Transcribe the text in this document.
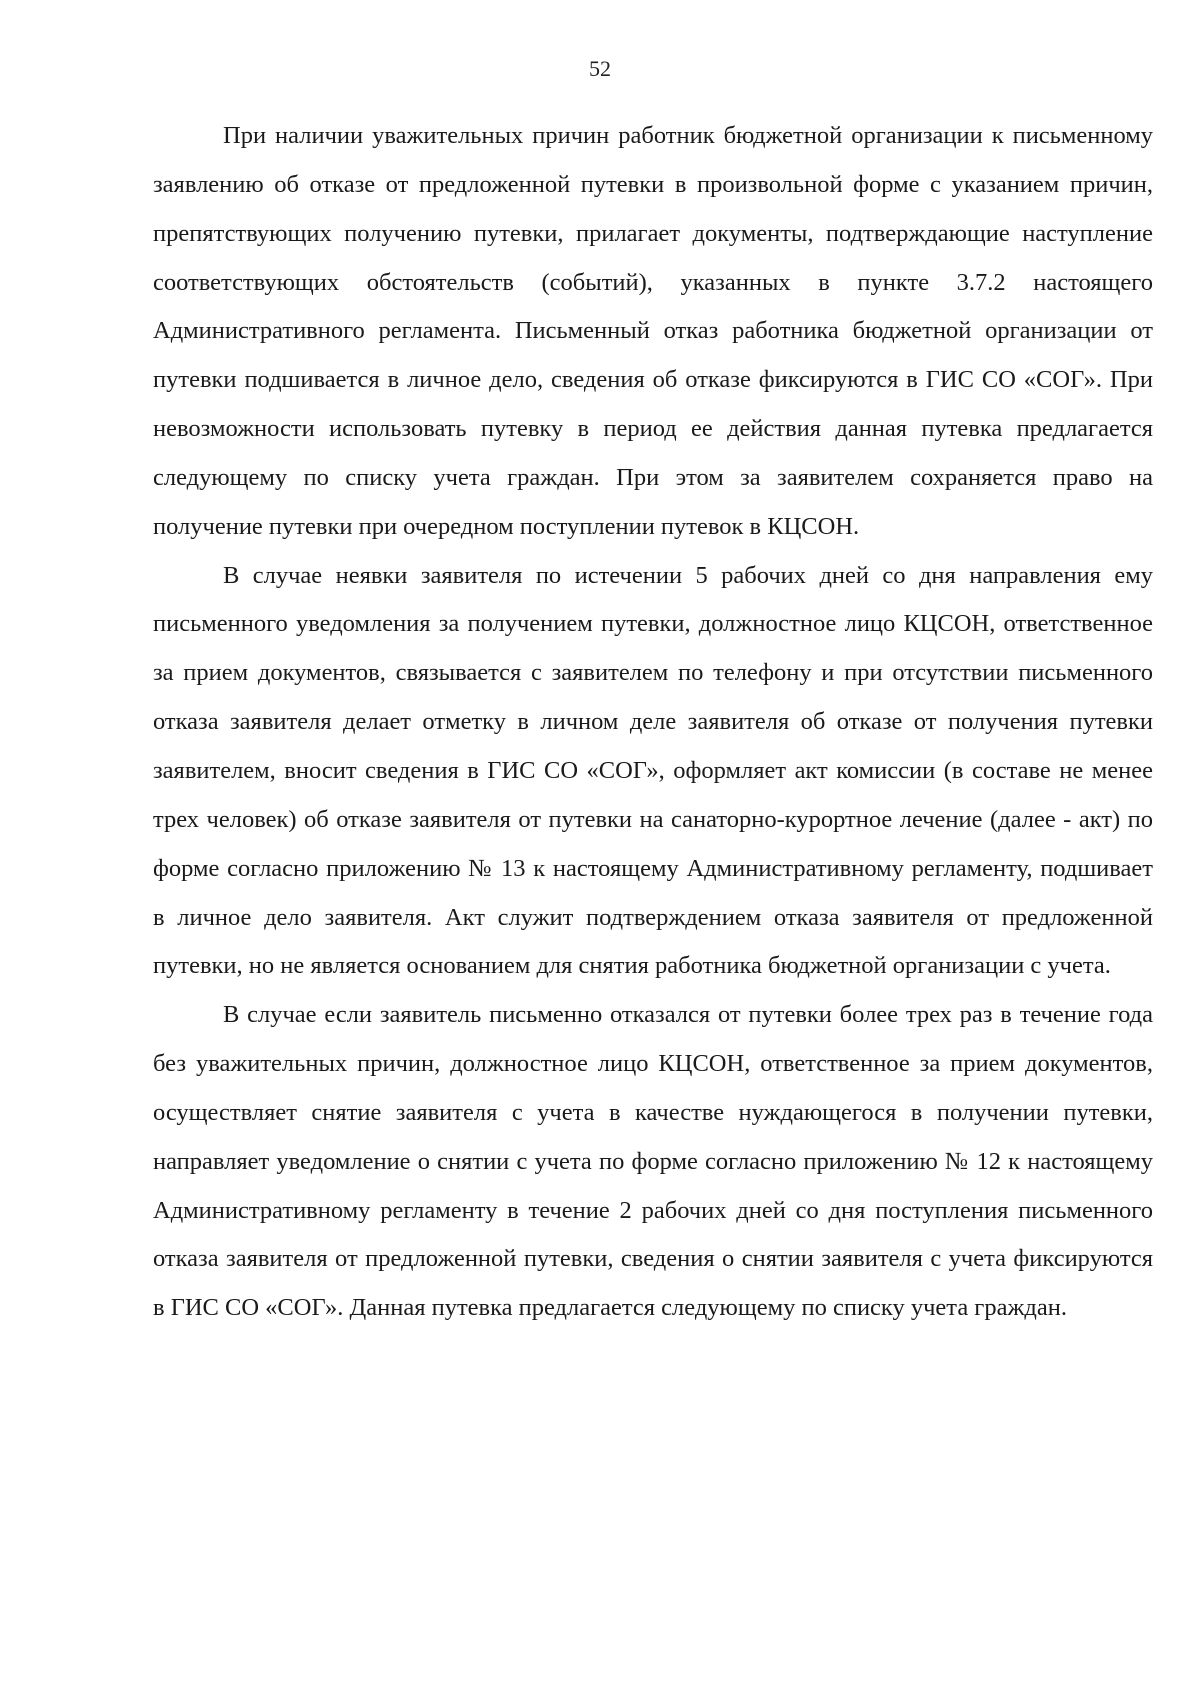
52

При наличии уважительных причин работник бюджетной организации к письменному заявлению об отказе от предложенной путевки в произвольной форме с указанием причин, препятствующих получению путевки, прилагает документы, подтверждающие наступление соответствующих обстоятельств (событий), указанных в пункте 3.7.2 настоящего Административного регламента. Письменный отказ работника бюджетной организации от путевки подшивается в личное дело, сведения об отказе фиксируются в ГИС СО «СОГ». При невозможности использовать путевку в период ее действия данная путевка предлагается следующему по списку учета граждан. При этом за заявителем сохраняется право на получение путевки при очередном поступлении путевок в КЦСОН.

В случае неявки заявителя по истечении 5 рабочих дней со дня направления ему письменного уведомления за получением путевки, должностное лицо КЦСОН, ответственное за прием документов, связывается с заявителем по телефону и при отсутствии письменного отказа заявителя делает отметку в личном деле заявителя об отказе от получения путевки заявителем, вносит сведения в ГИС СО «СОГ», оформляет акт комиссии (в составе не менее трех человек) об отказе заявителя от путевки на санаторно-курортное лечение (далее - акт) по форме согласно приложению № 13 к настоящему Административному регламенту, подшивает в личное дело заявителя. Акт служит подтверждением отказа заявителя от предложенной путевки, но не является основанием для снятия работника бюджетной организации с учета.

В случае если заявитель письменно отказался от путевки более трех раз в течение года без уважительных причин, должностное лицо КЦСОН, ответственное за прием документов, осуществляет снятие заявителя с учета в качестве нуждающегося в получении путевки, направляет уведомление о снятии с учета по форме согласно приложению № 12 к настоящему Административному регламенту в течение 2 рабочих дней со дня поступления письменного отказа заявителя от предложенной путевки, сведения о снятии заявителя с учета фиксируются в ГИС СО «СОГ». Данная путевка предлагается следующему по списку учета граждан.
